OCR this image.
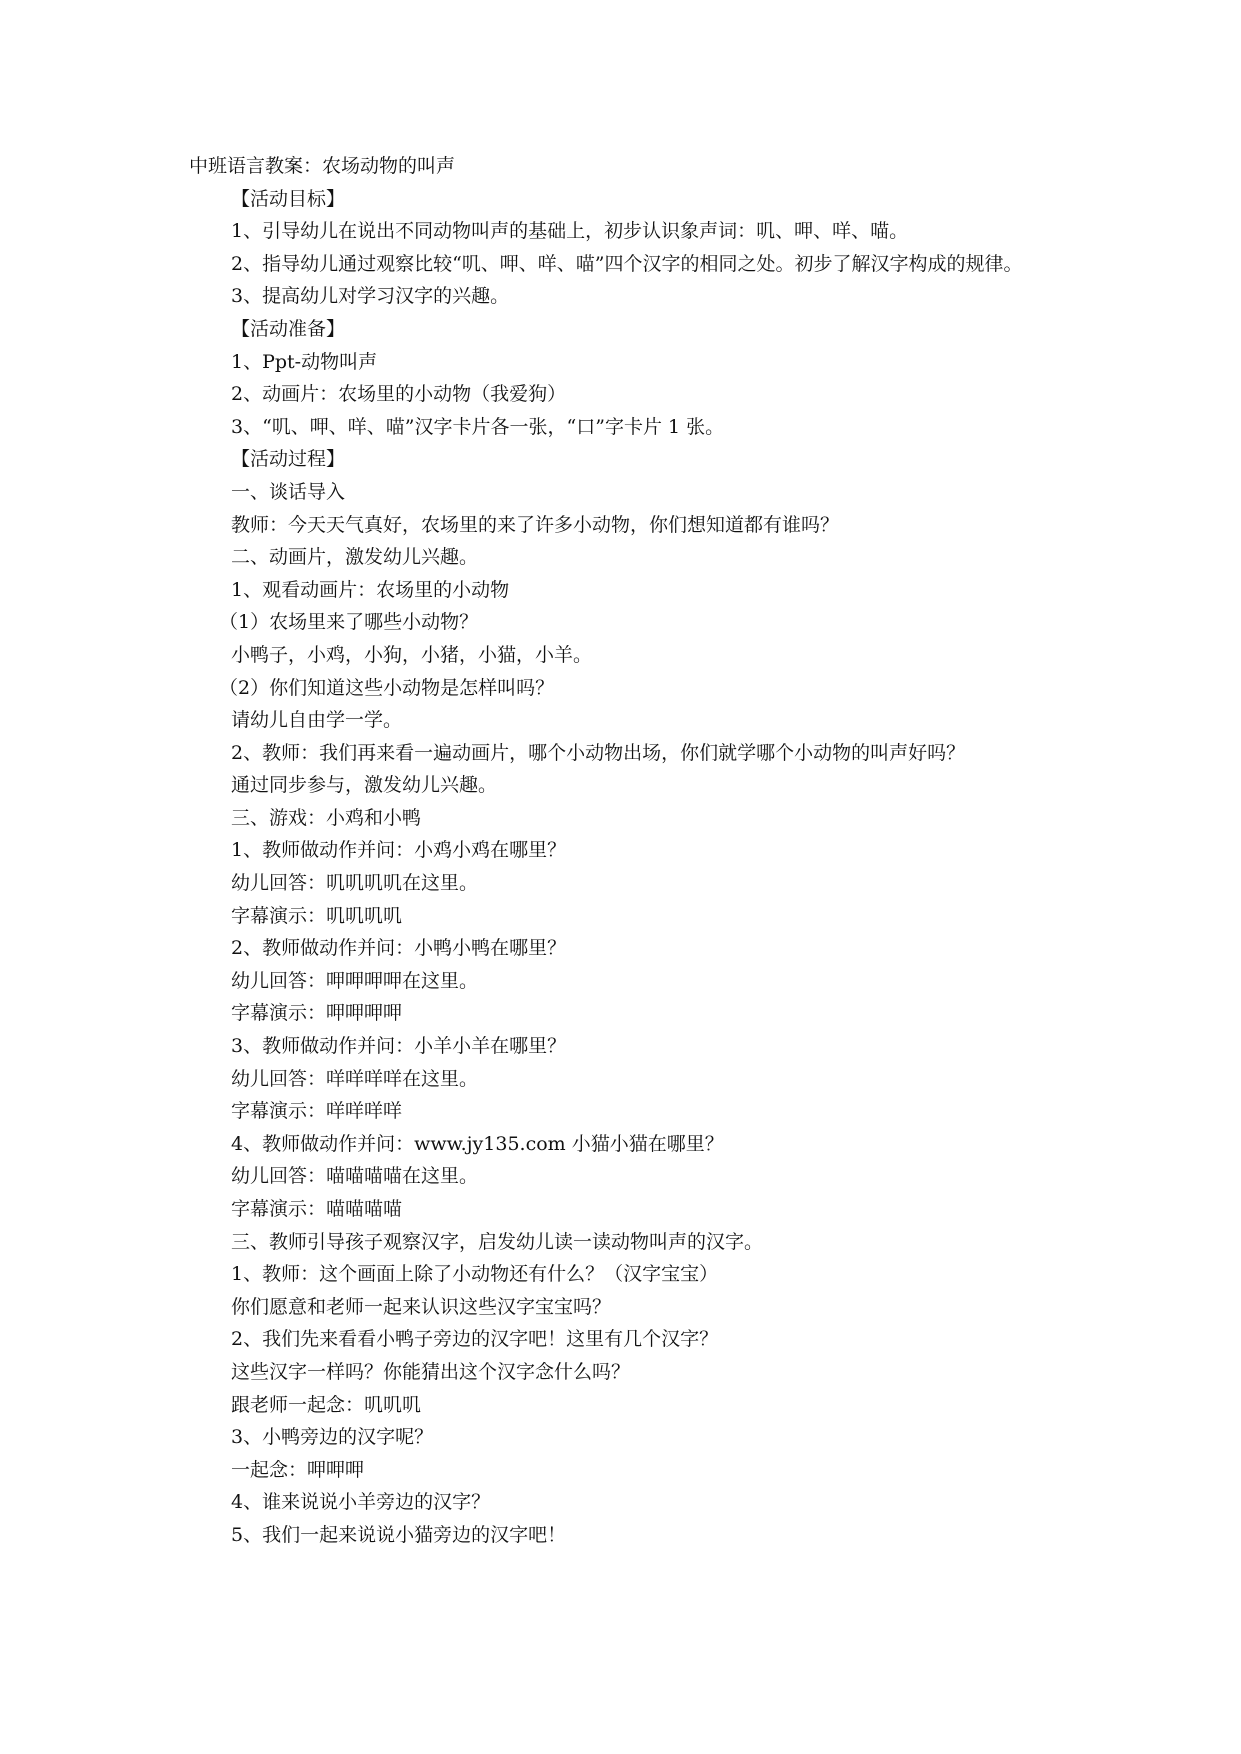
中班语言教案：农场动物的叫声

【活动目标】

1、引导幼儿在说出不同动物叫声的基础上，初步认识象声词：叽、呷、咩、喵。

2、指导幼儿通过观察比较“叽、呷、咩、喵”四个汉字的相同之处。初步了解汉字构成的规律。

3、提高幼儿对学习汉字的兴趣。

【活动准备】

1、Ppt-动物叫声

2、动画片：农场里的小动物（我爱狗）

3、“叽、呷、咩、喵”汉字卡片各一张，“口”字卡片 1 张。

【活动过程】

一、谈话导入

教师：今天天气真好，农场里的来了许多小动物，你们想知道都有谁吗？

二、动画片，激发幼儿兴趣。

1、观看动画片：农场里的小动物

（1）农场里来了哪些小动物？

小鸭子，小鸡，小狗，小猪，小猫，小羊。

（2）你们知道这些小动物是怎样叫吗？

请幼儿自由学一学。

2、教师：我们再来看一遍动画片，哪个小动物出场，你们就学哪个小动物的叫声好吗？

通过同步参与，激发幼儿兴趣。

三、游戏：小鸡和小鸭

1、教师做动作并问：小鸡小鸡在哪里？

幼儿回答：叽叽叽叽在这里。

字幕演示：叽叽叽叽

2、教师做动作并问：小鸭小鸭在哪里？

幼儿回答：呷呷呷呷在这里。

字幕演示：呷呷呷呷

3、教师做动作并问：小羊小羊在哪里？

幼儿回答：咩咩咩咩在这里。

字幕演示：咩咩咩咩

4、教师做动作并问：www.jy135.com 小猫小猫在哪里？

幼儿回答：喵喵喵喵在这里。

字幕演示：喵喵喵喵

三、教师引导孩子观察汉字，启发幼儿读一读动物叫声的汉字。

1、教师：这个画面上除了小动物还有什么？（汉字宝宝）

你们愿意和老师一起来认识这些汉字宝宝吗？

2、我们先来看看小鸭子旁边的汉字吧！这里有几个汉字？

这些汉字一样吗？你能猜出这个汉字念什么吗？

跟老师一起念：叽叽叽

3、小鸭旁边的汉字呢？

一起念：呷呷呷

4、谁来说说小羊旁边的汉字？

5、我们一起来说说小猫旁边的汉字吧！
